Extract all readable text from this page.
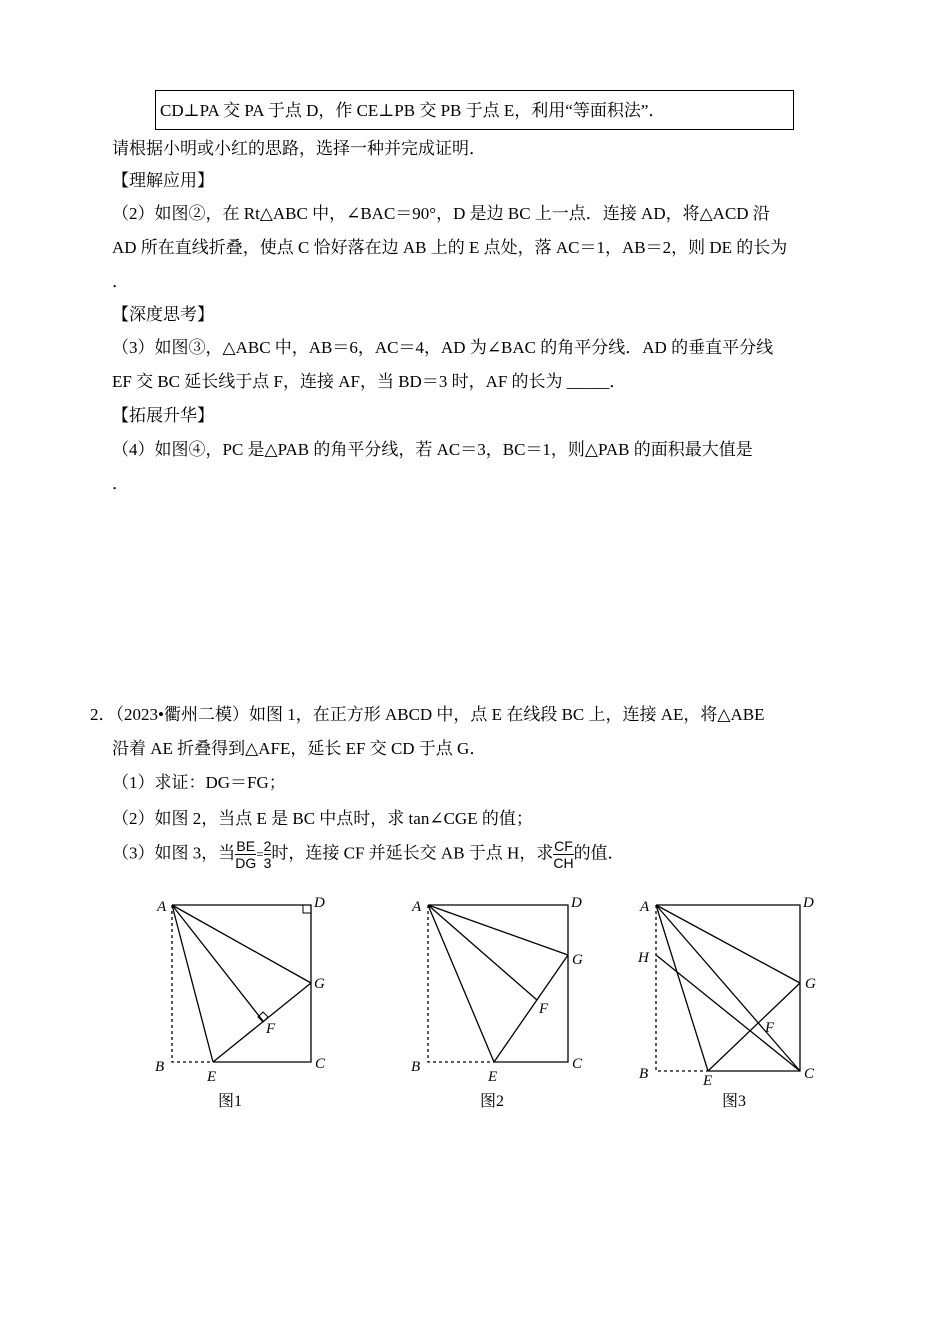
CD⊥PA 交 PA 于点 D，作 CE⊥PB 交 PB 于点 E，利用“等面积法”．
请根据小明或小红的思路，选择一种并完成证明．
【理解应用】
（2）如图②，在 Rt△ABC 中，∠BAC＝90°，D 是边 BC 上一点．连接 AD，将△ACD 沿
AD 所在直线折叠，使点 C 恰好落在边 AB 上的 E 点处，落 AC＝1，AB＝2，则 DE 的长为
．
【深度思考】
（3）如图③，△ABC 中，AB＝6，AC＝4，AD 为∠BAC 的角平分线．AD 的垂直平分线
EF 交 BC 延长线于点 F，连接 AF，当 BD＝3 时，AF 的长为 _____．
【拓展升华】
（4）如图④，PC 是△PAB 的角平分线，若 AC＝3，BC＝1，则△PAB 的面积最大值是
．
2．（2023•衢州二模）如图 1，在正方形 ABCD 中，点 E 在线段 BC 上，连接 AE，将△ABE
沿着 AE 折叠得到△AFE，延长 EF 交 CD 于点 G．
（1）求证：DG＝FG；
（2）如图 2，当点 E 是 BC 中点时，求 tan∠CGE 的值；
（3）如图 3，当 $\frac{BE}{DG} = \frac{2}{3}$ 时，连接 CF 并延长交 AB 于点 H，求 $\frac{CF}{CH}$ 的值．
A	D
B	C
E
F
G
图1
A	D
B	C
E
F
G
图2
A	D
H
B	C
E
F
G
图3
